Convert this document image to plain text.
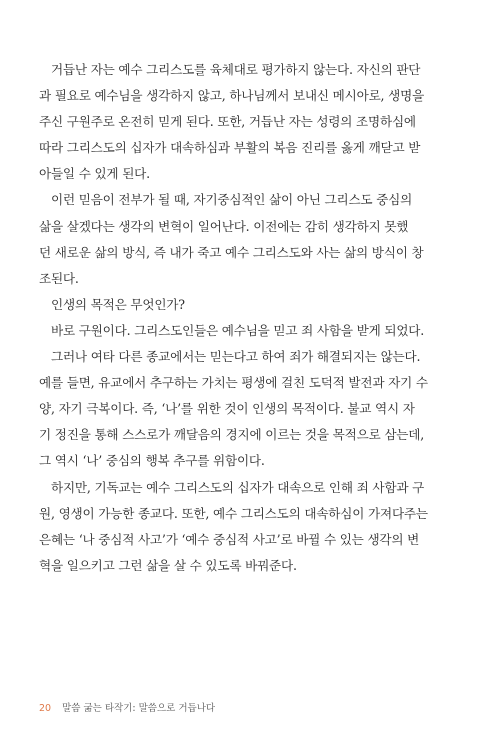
거듭난 자는 예수 그리스도를 육체대로 평가하지 않는다. 자신의 판단
과 필요로 예수님을 생각하지 않고, 하나님께서 보내신 메시아로, 생명을
주신 구원주로 온전히 믿게 된다. 또한, 거듭난 자는 성령의 조명하심에
따라 그리스도의 십자가 대속하심과 부활의 복음 진리를 옳게 깨닫고 받
아들일 수 있게 된다.
이런 믿음이 전부가 될 때, 자기중심적인 삶이 아닌 그리스도 중심의
삶을 살겠다는 생각의 변혁이 일어난다. 이전에는 감히 생각하지 못했
던 새로운 삶의 방식, 즉 내가 죽고 예수 그리스도와 사는 삶의 방식이 창
조된다.
인생의 목적은 무엇인가?
바로 구원이다. 그리스도인들은 예수님을 믿고 죄 사함을 받게 되었다.
그러나 여타 다른 종교에서는 믿는다고 하여 죄가 해결되지는 않는다.
예를 들면, 유교에서 추구하는 가치는 평생에 걸친 도덕적 발전과 자기 수
양, 자기 극복이다. 즉, ‘나’를 위한 것이 인생의 목적이다. 불교 역시 자
기 정진을 통해 스스로가 깨달음의 경지에 이르는 것을 목적으로 삼는데,
그 역시 ‘나’ 중심의 행복 추구를 위함이다.
하지만, 기독교는 예수 그리스도의 십자가 대속으로 인해 죄 사함과 구
원, 영생이 가능한 종교다. 또한, 예수 그리스도의 대속하심이 가져다주는
은혜는 ‘나 중심적 사고’가 ‘예수 중심적 사고’로 바뀔 수 있는 생각의 변
혁을 일으키고 그런 삶을 살 수 있도록 바꿔준다.
20 말씀 굶는 타작기: 말씀으로 거듭나다
